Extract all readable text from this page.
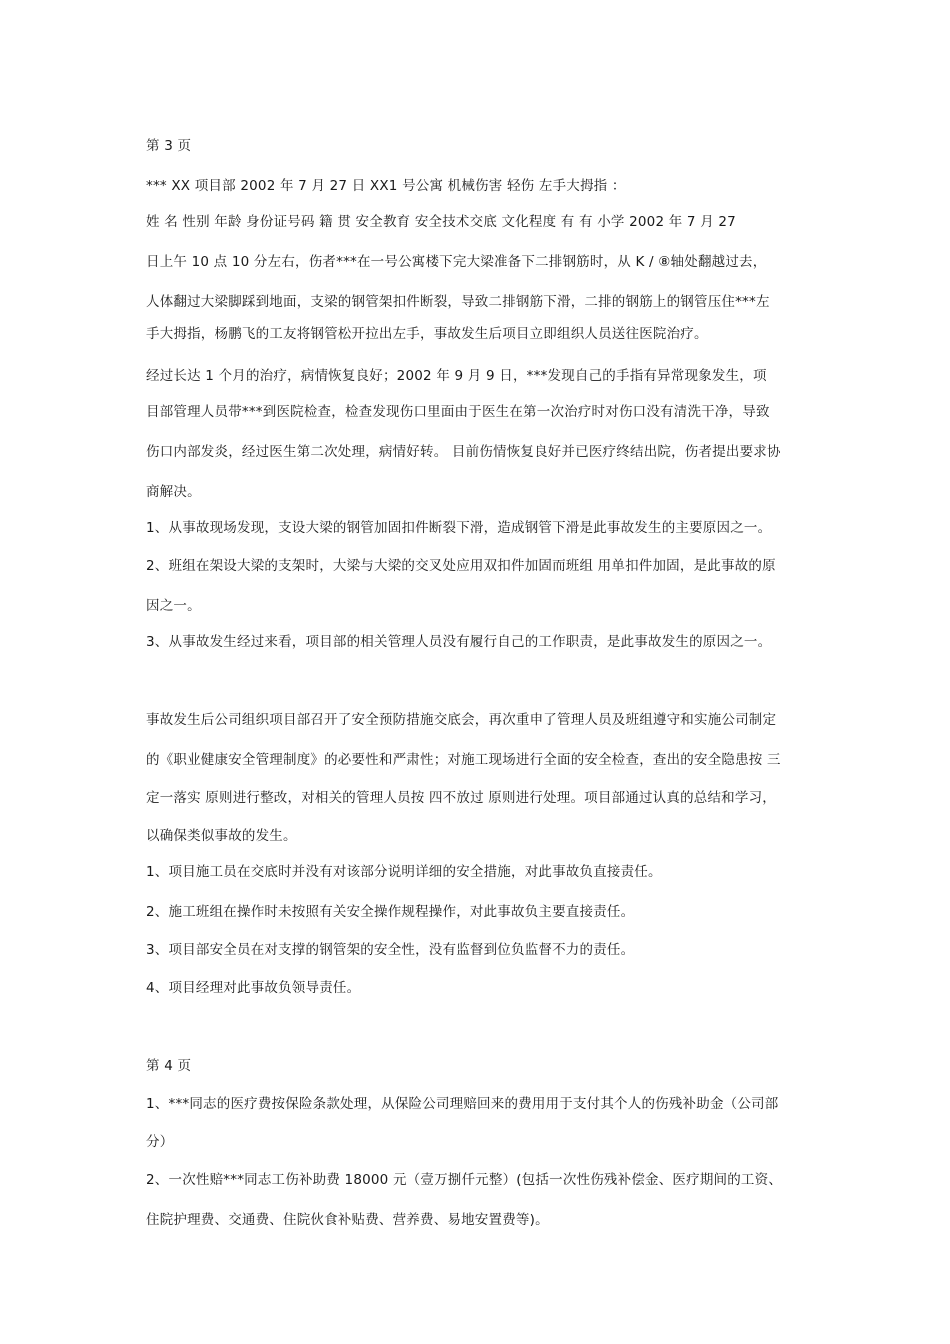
第 3 页
*** XX 项目部 2002 年 7 月 27 日 XX1 号公寓 机械伤害 轻伤 左手大拇指 ：
姓 名 性别 年龄 身份证号码 籍 贯 安全教育 安全技术交底 文化程度 有 有 小学 2002 年 7 月 27
日上午 10 点 10 分左右，伤者***在一号公寓楼下完大梁准备下二排钢筋时，从 K / ⑧轴处翻越过去，
人体翻过大梁脚踩到地面，支梁的钢管架扣件断裂，导致二排钢筋下滑，二排的钢筋上的钢管压住***左
手大拇指，杨鹏飞的工友将钢管松开拉出左手，事故发生后项目立即组织人员送往医院治疗。
经过长达 1 个月的治疗，病情恢复良好；2002 年 9 月 9 日，***发现自己的手指有异常现象发生，项
目部管理人员带***到医院检查，检查发现伤口里面由于医生在第一次治疗时对伤口没有清洗干净，导致
伤口内部发炎，经过医生第二次处理，病情好转。 目前伤情恢复良好并已医疗终结出院，伤者提出要求协
商解决。
1、从事故现场发现，支设大梁的钢管加固扣件断裂下滑，造成钢管下滑是此事故发生的主要原因之一。
2、班组在架设大梁的支架时，大梁与大梁的交叉处应用双扣件加固而班组 用单扣件加固，是此事故的原
因之一。
3、从事故发生经过来看，项目部的相关管理人员没有履行自己的工作职责，是此事故发生的原因之一。
事故发生后公司组织项目部召开了安全预防措施交底会，再次重申了管理人员及班组遵守和实施公司制定
的《职业健康安全管理制度》的必要性和严肃性；对施工现场进行全面的安全检查，查出的安全隐患按 三
定一落实 原则进行整改，对相关的管理人员按 四不放过 原则进行处理。项目部通过认真的总结和学习，
以确保类似事故的发生。
1、项目施工员在交底时并没有对该部分说明详细的安全措施，对此事故负直接责任。
2、施工班组在操作时未按照有关安全操作规程操作，对此事故负主要直接责任。
3、项目部安全员在对支撑的钢管架的安全性，没有监督到位负监督不力的责任。
4、项目经理对此事故负领导责任。
第 4 页
1、***同志的医疗费按保险条款处理，从保险公司理赔回来的费用用于支付其个人的伤残补助金（公司部
分）
2、一次性赔***同志工伤补助费 18000 元（壹万捌仟元整）(包括一次性伤残补偿金、医疗期间的工资、
住院护理费、交通费、住院伙食补贴费、营养费、易地安置费等)。
